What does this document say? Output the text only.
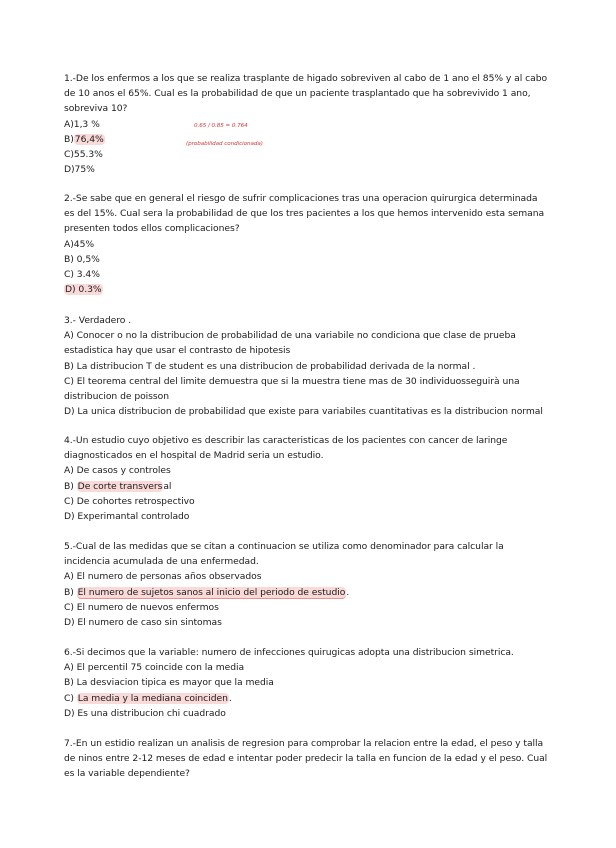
1.-De los enfermos a los que se realiza trasplante de higado sobreviven al cabo de 1 ano el 85% y al cabo
de 10 anos el 65%. Cual es la probabilidad de que un paciente trasplantado que ha sobrevivido 1 ano,
sobreviva 10?
A)1,3 %
B)76,4%
C)55.3%
D)75%
0.65 / 0.85 = 0.764
(probabilidad condicionada)
2.-Se sabe que en general el riesgo de sufrir complicaciones tras una operacion quirurgica determinada
es del 15%. Cual sera la probabilidad de que los tres pacientes a los que hemos intervenido esta semana
presenten todos ellos complicaciones?
A)45%
B) 0,5%
C) 3.4%
D) 0.3%
3.- Verdadero .
A) Conocer o no la distribucion de probabilidad de una variabile no condiciona que clase de prueba
estadistica hay que usar el contrasto de hipotesis
B) La distribucion T de student es una distribucion de probabilidad derivada de la normal .
C) El teorema central del limite demuestra que si la muestra tiene mas de 30 individuosseguirà una
distribucion de poisson
D) La unica distribucion de probabilidad que existe para variabiles cuantitativas es la distribucion normal
4.-Un estudio cuyo objetivo es describir las caracteristicas de los pacientes con cancer de laringe
diagnosticados en el hospital de Madrid seria un estudio.
A) De casos y controles
B) De corte transversal
C) De cohortes retrospectivo
D) Experimantal controlado
5.-Cual de las medidas que se citan a continuacion se utiliza como denominador para calcular la
incidencia acumulada de una enfermedad.
A) El numero de personas años observados
B) El numero de sujetos sanos al inicio del periodo de estudio.
C) El numero de nuevos enfermos
D) El numero de caso sin sintomas
6.-Si decimos que la variable: numero de infecciones quirugicas adopta una distribucion simetrica.
A) El percentil 75 coincide con la media
B) La desviacion tipica es mayor que la media
C) La media y la mediana coinciden.
D) Es una distribucion chi cuadrado
7.-En un estidio realizan un analisis de regresion para comprobar la relacion entre la edad, el peso y talla
de ninos entre 2-12 meses de edad e intentar poder predecir la talla en funcion de la edad y el peso. Cual
es la variable dependiente?
